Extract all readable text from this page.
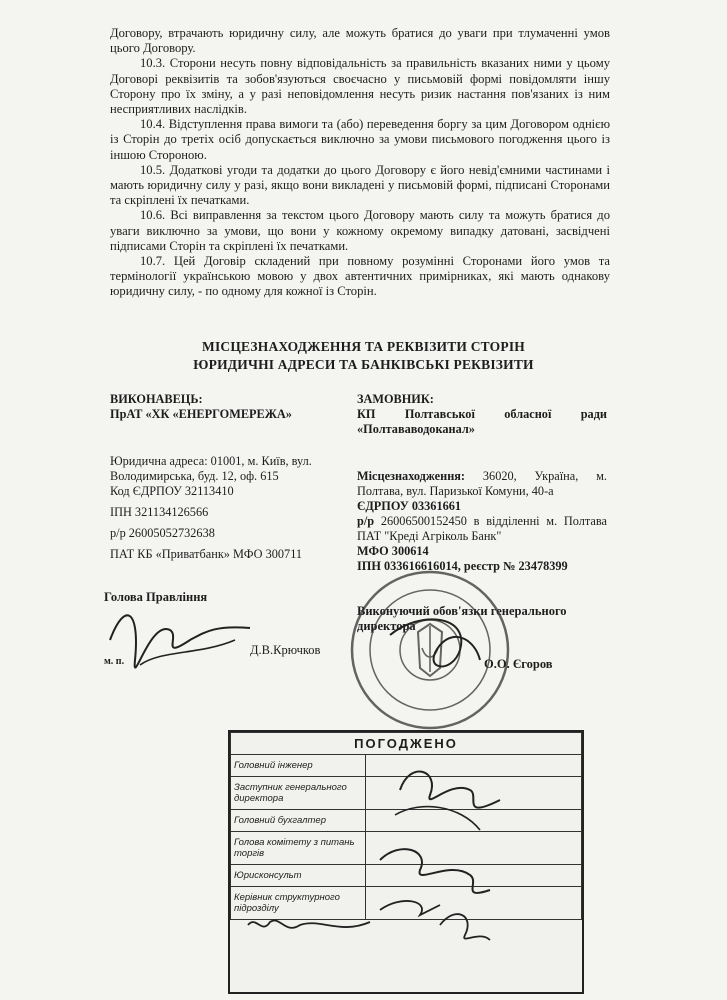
Договору, втрачають юридичну силу, але можуть братися до уваги при тлумаченні умов цього Договору.

10.3. Сторони несуть повну відповідальність за правильність вказаних ними у цьому Договорі реквізитів та зобов'язуються своєчасно у письмовій формі повідомляти іншу Сторону про їх зміну, а у разі неповідомлення несуть ризик настання пов'язаних із ним несприятливих наслідків.

10.4. Відступлення права вимоги та (або) переведення боргу за цим Договором однією із Сторін до третіх осіб допускається виключно за умови письмового погодження цього із іншою Стороною.

10.5. Додаткові угоди та додатки до цього Договору є його невід'ємними частинами і мають юридичну силу у разі, якщо вони викладені у письмовій формі, підписані Сторонами та скріплені їх печатками.

10.6. Всі виправлення за текстом цього Договору мають силу та можуть братися до уваги виключно за умови, що вони у кожному окремому випадку датовані, засвідчені підписами Сторін та скріплені їх печатками.

10.7. Цей Договір складений при повному розумінні Сторонами його умов та термінології українською мовою у двох автентичних примірниках, які мають однакову юридичну силу, - по одному для кожної із Сторін.

МІСЦЕЗНАХОДЖЕННЯ ТА РЕКВІЗИТИ СТОРІН
ЮРИДИЧНІ АДРЕСИ ТА БАНКІВСЬКІ РЕКВІЗИТИ
ВИКОНАВЕЦЬ:
ПрАТ «ХК «ЕНЕРГОМЕРЕЖА»
Юридична адреса: 01001, м. Київ, вул. Володимирська, буд. 12, оф. 615
Код ЄДРПОУ 32113410
ІПН 321134126566
р/р 26005052732638
ПАТ КБ «Приватбанк» МФО 300711
ЗАМОВНИК:
КП Полтавської обласної ради «Полтававодоканал»
Місцезнаходження: 36020, Україна, м. Полтава, вул. Паризької Комуни, 40-а
ЄДРПОУ 03361661
р/р 26006500152450 в відділенні м. Полтава ПАТ "Креді Агріколь Банк"
МФО 300614
ІПН 033616616014, реєстр № 23478399
Голова Правління
Д.В.Крючков
м. п.
Виконуючий обов'язки генерального директора
О.О. Єгоров
ПОГОДЖЕНО	
Головний інженер	
Заступник генерального директора	
Головний бухгалтер	
Голова комітету з питань торгів	
Юрисконсульт	
Керівник структурного підрозділу	
